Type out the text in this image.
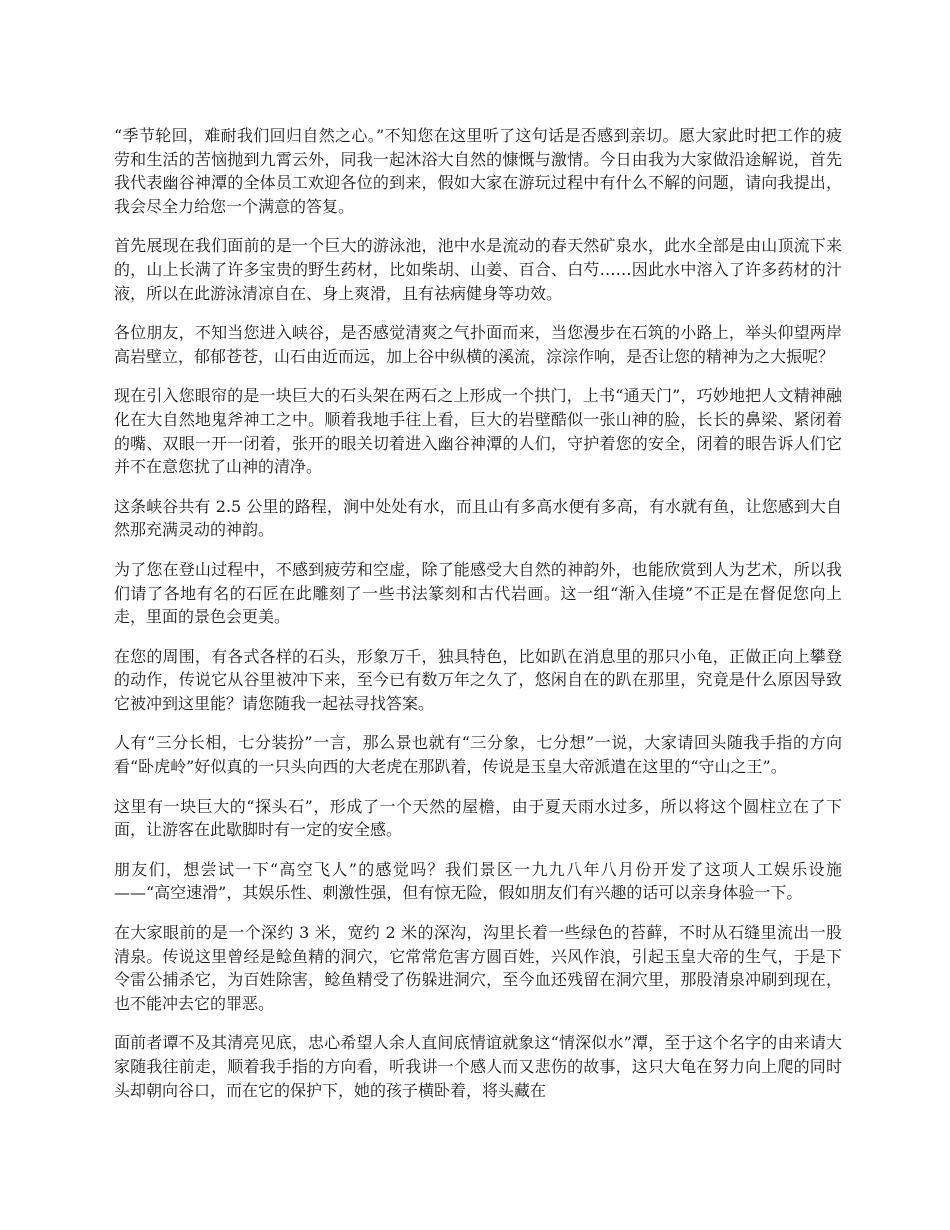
“季节轮回，难耐我们回归自然之心。”不知您在这里听了这句话是否感到亲切。愿大家此时把工作的疲劳和生活的苦恼抛到九霄云外，同我一起沐浴大自然的慷慨与激情。今日由我为大家做沿途解说，首先我代表幽谷神潭的全体员工欢迎各位的到来，假如大家在游玩过程中有什么不解的问题，请向我提出，我会尽全力给您一个满意的答复。

首先展现在我们面前的是一个巨大的游泳池，池中水是流动的春天然矿泉水，此水全部是由山顶流下来的，山上长满了许多宝贵的野生药材，比如柴胡、山姜、百合、白芍……因此水中溶入了许多药材的汁液，所以在此游泳清凉自在、身上爽滑，且有祛病健身等功效。

各位朋友，不知当您进入峡谷，是否感觉清爽之气扑面而来，当您漫步在石筑的小路上，举头仰望两岸高岩壁立，郁郁苍苍，山石由近而远，加上谷中纵横的溪流，淙淙作响，是否让您的精神为之大振呢？

现在引入您眼帘的是一块巨大的石头架在两石之上形成一个拱门，上书“通天门”，巧妙地把人文精神融化在大自然地鬼斧神工之中。顺着我地手往上看，巨大的岩壁酷似一张山神的脸，长长的鼻梁、紧闭着的嘴、双眼一开一闭着，张开的眼关切着进入幽谷神潭的人们，守护着您的安全，闭着的眼告诉人们它并不在意您扰了山神的清净。

这条峡谷共有 2.5 公里的路程，涧中处处有水，而且山有多高水便有多高，有水就有鱼，让您感到大自然那充满灵动的神韵。

为了您在登山过程中，不感到疲劳和空虚，除了能感受大自然的神韵外，也能欣赏到人为艺术，所以我们请了各地有名的石匠在此雕刻了一些书法篆刻和古代岩画。这一组“渐入佳境”不正是在督促您向上走，里面的景色会更美。

在您的周围，有各式各样的石头，形象万千，独具特色，比如趴在消息里的那只小龟，正做正向上攀登的动作，传说它从谷里被冲下来，至今已有数万年之久了，悠闲自在的趴在那里，究竟是什么原因导致它被冲到这里能？请您随我一起祛寻找答案。

人有“三分长相，七分装扮”一言，那么景也就有“三分象，七分想”一说，大家请回头随我手指的方向看“卧虎岭”好似真的一只头向西的大老虎在那趴着，传说是玉皇大帝派遣在这里的“守山之王”。

这里有一块巨大的“探头石”，形成了一个天然的屋檐，由于夏天雨水过多，所以将这个圆柱立在了下面，让游客在此歇脚时有一定的安全感。

朋友们，想尝试一下“高空飞人”的感觉吗？我们景区一九九八年八月份开发了这项人工娱乐设施——“高空速滑”，其娱乐性、刺激性强，但有惊无险，假如朋友们有兴趣的话可以亲身体验一下。

在大家眼前的是一个深约 3 米，宽约 2 米的深沟，沟里长着一些绿色的苔藓，不时从石缝里流出一股清泉。传说这里曾经是鲶鱼精的洞穴，它常常危害方圆百姓，兴风作浪，引起玉皇大帝的生气，于是下令雷公捕杀它，为百姓除害，鲶鱼精受了伤躲进洞穴，至今血还残留在洞穴里，那股清泉冲刷到现在，也不能冲去它的罪恶。

面前者谭不及其清亮见底，忠心希望人余人直间底情谊就象这“情深似水”潭，至于这个名字的由来请大家随我往前走，顺着我手指的方向看，听我讲一个感人而又悲伤的故事，这只大龟在努力向上爬的同时头却朝向谷口，而在它的保护下，她的孩子横卧着，将头藏在
